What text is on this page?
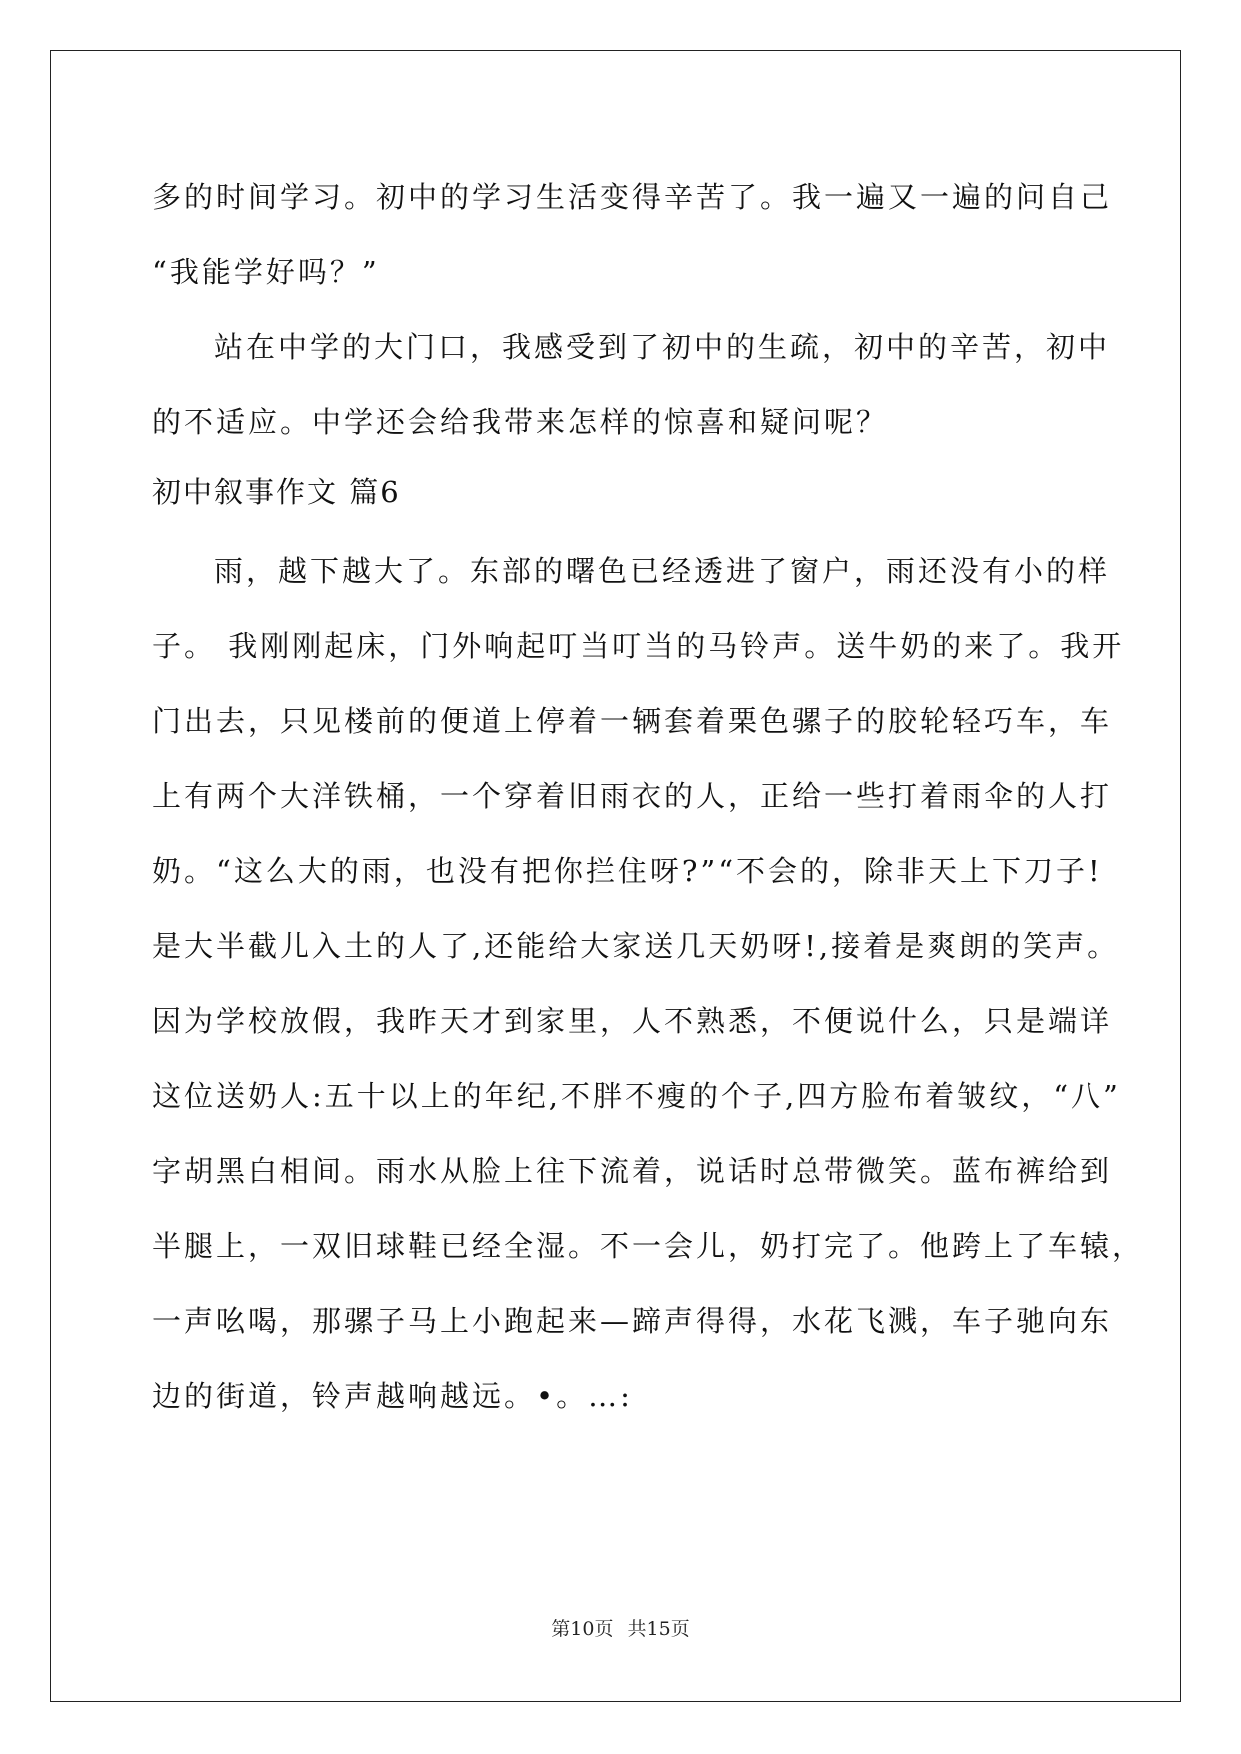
多的时间学习。初中的学习生活变得辛苦了。我一遍又一遍的问自己
“我能学好吗？”
站在中学的大门口，我感受到了初中的生疏，初中的辛苦，初中
的不适应。中学还会给我带来怎样的惊喜和疑问呢？
初中叙事作文 篇6
雨，越下越大了。东部的曙色已经透进了窗户，雨还没有小的样
子。 我刚刚起床，门外响起叮当叮当的马铃声。送牛奶的来了。我开
门出去，只见楼前的便道上停着一辆套着栗色骡子的胶轮轻巧车，车
上有两个大洋铁桶，一个穿着旧雨衣的人，正给一些打着雨伞的人打
奶。“这么大的雨，也没有把你拦住呀?”“不会的，除非天上下刀子!
是大半截儿入土的人了,还能给大家送几天奶呀!,接着是爽朗的笑声。
因为学校放假，我昨天才到家里，人不熟悉，不便说什么，只是端详
这位送奶人:五十以上的年纪,不胖不瘦的个子,四方脸布着皱纹，“八”
字胡黑白相间。雨水从脸上往下流着，说话时总带微笑。蓝布裤给到
半腿上，一双旧球鞋已经全湿。不一会儿，奶打完了。他跨上了车辕，
一声吆喝，那骡子马上小跑起来—蹄声得得，水花飞溅，车子驰向东
边的街道，铃声越响越远。•。…:
第10页 共15页
